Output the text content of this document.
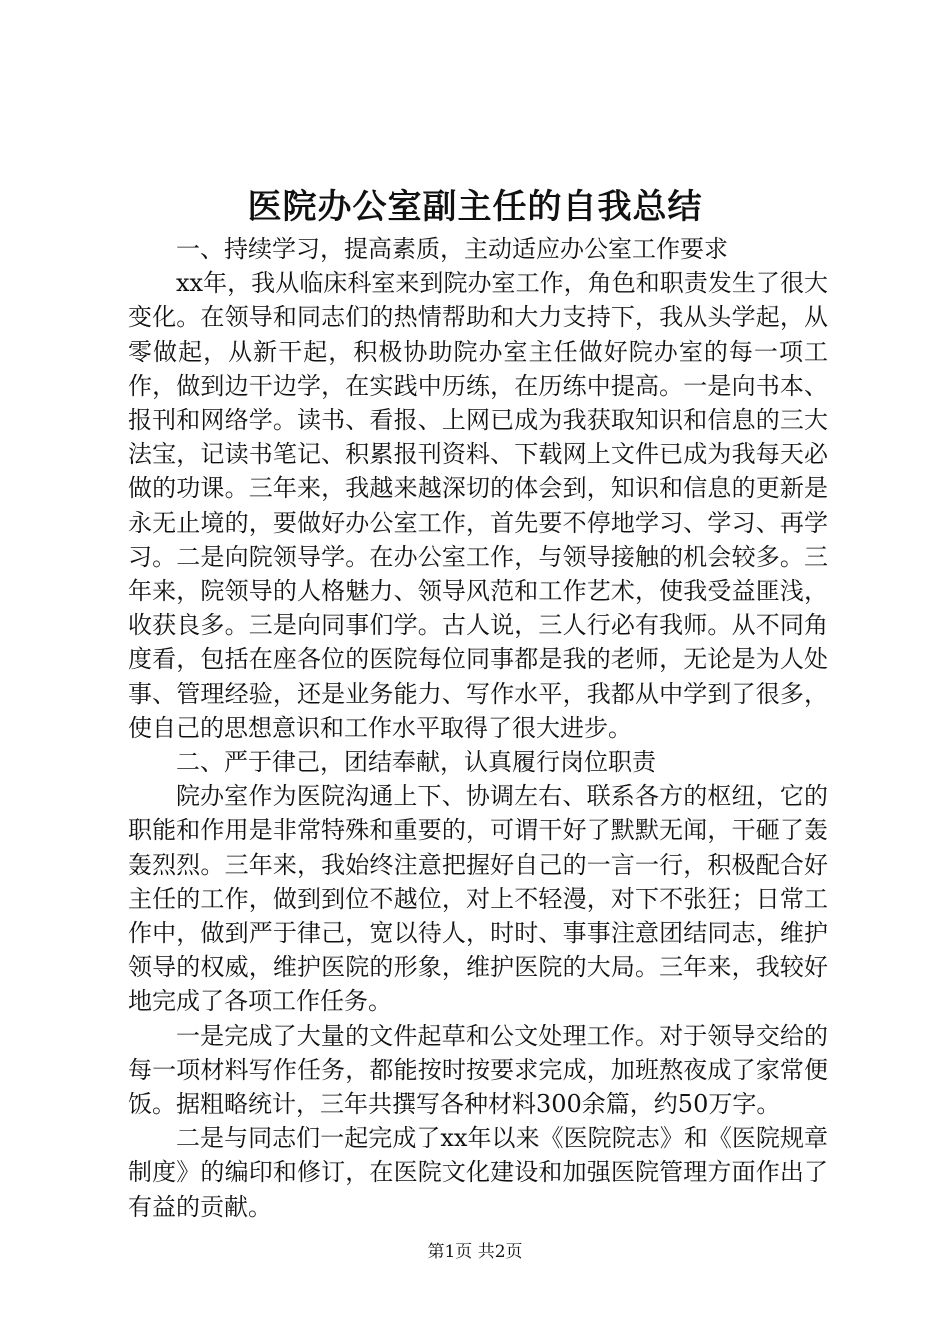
医院办公室副主任的自我总结

一、持续学习，提高素质，主动适应办公室工作要求

xx年，我从临床科室来到院办室工作，角色和职责发生了很大变化。在领导和同志们的热情帮助和大力支持下，我从头学起，从零做起，从新干起，积极协助院办室主任做好院办室的每一项工作，做到边干边学，在实践中历练，在历练中提高。一是向书本、报刊和网络学。读书、看报、上网已成为我获取知识和信息的三大法宝，记读书笔记、积累报刊资料、下载网上文件已成为我每天必做的功课。三年来，我越来越深切的体会到，知识和信息的更新是永无止境的，要做好办公室工作，首先要不停地学习、学习、再学习。二是向院领导学。在办公室工作，与领导接触的机会较多。三年来，院领导的人格魅力、领导风范和工作艺术，使我受益匪浅，收获良多。三是向同事们学。古人说，三人行必有我师。从不同角度看，包括在座各位的医院每位同事都是我的老师，无论是为人处事、管理经验，还是业务能力、写作水平，我都从中学到了很多，使自己的思想意识和工作水平取得了很大进步。

二、严于律己，团结奉献，认真履行岗位职责

院办室作为医院沟通上下、协调左右、联系各方的枢纽，它的职能和作用是非常特殊和重要的，可谓干好了默默无闻，干砸了轰轰烈烈。三年来，我始终注意把握好自己的一言一行，积极配合好主任的工作，做到到位不越位，对上不轻漫，对下不张狂；日常工作中，做到严于律己，宽以待人，时时、事事注意团结同志，维护领导的权威，维护医院的形象，维护医院的大局。三年来，我较好地完成了各项工作任务。

一是完成了大量的文件起草和公文处理工作。对于领导交给的每一项材料写作任务，都能按时按要求完成，加班熬夜成了家常便饭。据粗略统计，三年共撰写各种材料300余篇，约50万字。

二是与同志们一起完成了xx年以来《医院院志》和《医院规章制度》的编印和修订，在医院文化建设和加强医院管理方面作出了有益的贡献。

第1页 共2页
